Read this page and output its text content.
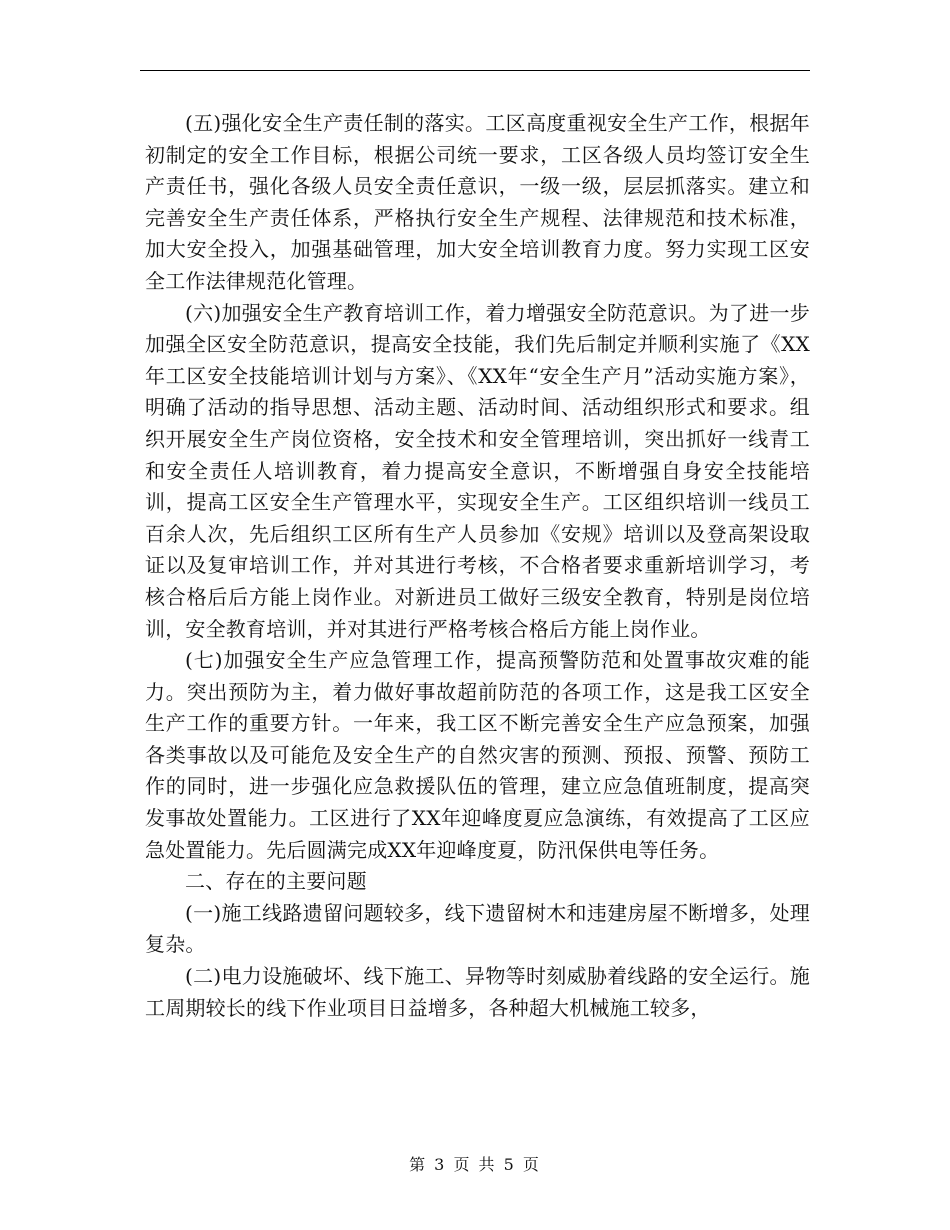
(五)强化安全生产责任制的落实。工区高度重视安全生产工作，根据年初制定的安全工作目标，根据公司统一要求，工区各级人员均签订安全生产责任书，强化各级人员安全责任意识，一级一级，层层抓落实。建立和完善安全生产责任体系，严格执行安全生产规程、法律规范和技术标准，加大安全投入，加强基础管理，加大安全培训教育力度。努力实现工区安全工作法律规范化管理。

(六)加强安全生产教育培训工作，着力增强安全防范意识。为了进一步加强全区安全防范意识，提高安全技能，我们先后制定并顺利实施了《XX年工区安全技能培训计划与方案》、《XX年“安全生产月”活动实施方案》，明确了活动的指导思想、活动主题、活动时间、活动组织形式和要求。组织开展安全生产岗位资格，安全技术和安全管理培训，突出抓好一线青工和安全责任人培训教育，着力提高安全意识，不断增强自身安全技能培训，提高工区安全生产管理水平，实现安全生产。工区组织培训一线员工百余人次，先后组织工区所有生产人员参加《安规》培训以及登高架设取证以及复审培训工作，并对其进行考核，不合格者要求重新培训学习，考核合格后后方能上岗作业。对新进员工做好三级安全教育，特别是岗位培训，安全教育培训，并对其进行严格考核合格后方能上岗作业。

(七)加强安全生产应急管理工作，提高预警防范和处置事故灾难的能力。突出预防为主，着力做好事故超前防范的各项工作，这是我工区安全生产工作的重要方针。一年来，我工区不断完善安全生产应急预案，加强各类事故以及可能危及安全生产的自然灾害的预测、预报、预警、预防工作的同时，进一步强化应急救援队伍的管理，建立应急值班制度，提高突发事故处置能力。工区进行了XX年迎峰度夏应急演练，有效提高了工区应急处置能力。先后圆满完成XX年迎峰度夏，防汛保供电等任务。

二、存在的主要问题

(一)施工线路遗留问题较多，线下遗留树木和违建房屋不断增多，处理复杂。

(二)电力设施破坏、线下施工、异物等时刻威胁着线路的安全运行。施工周期较长的线下作业项目日益增多，各种超大机械施工较多，

第 3 页 共 5 页
